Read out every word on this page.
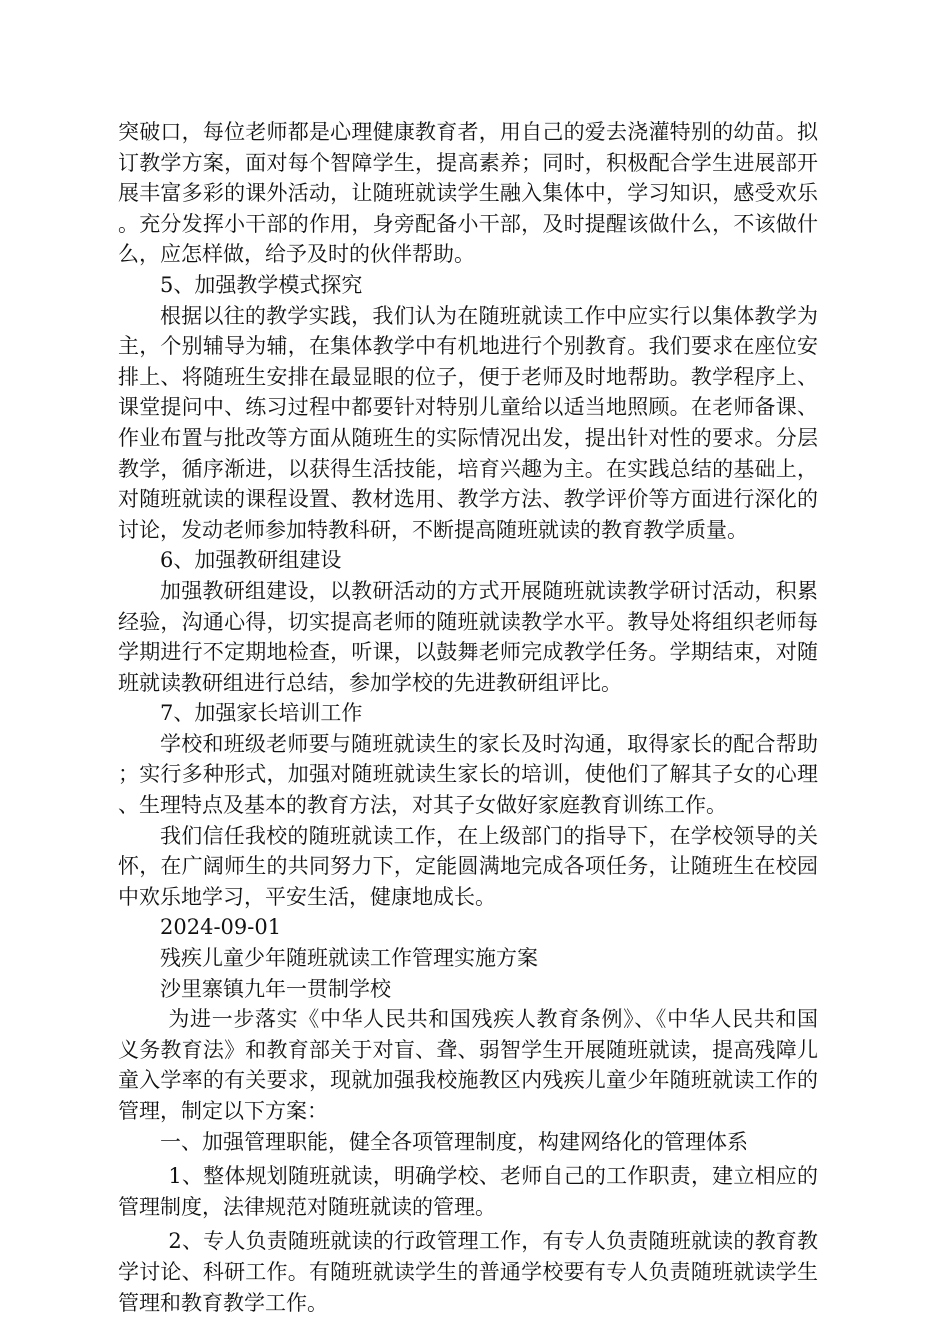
突破口，每位老师都是心理健康教育者，用自己的爱去浇灌特别的幼苗。拟订教学方案，面对每个智障学生，提高素养；同时，积极配合学生进展部开展丰富多彩的课外活动，让随班就读学生融入集体中，学习知识，感受欢乐。充分发挥小干部的作用，身旁配备小干部，及时提醒该做什么，不该做什么，应怎样做，给予及时的伙伴帮助。

5、加强教学模式探究

根据以往的教学实践，我们认为在随班就读工作中应实行以集体教学为主，个别辅导为辅，在集体教学中有机地进行个别教育。我们要求在座位安排上、将随班生安排在最显眼的位子，便于老师及时地帮助。教学程序上、课堂提问中、练习过程中都要针对特别儿童给以适当地照顾。在老师备课、作业布置与批改等方面从随班生的实际情况出发，提出针对性的要求。分层教学，循序渐进，以获得生活技能，培育兴趣为主。在实践总结的基础上，对随班就读的课程设置、教材选用、教学方法、教学评价等方面进行深化的讨论，发动老师参加特教科研，不断提高随班就读的教育教学质量。

6、加强教研组建设

加强教研组建设，以教研活动的方式开展随班就读教学研讨活动，积累经验，沟通心得，切实提高老师的随班就读教学水平。教导处将组织老师每学期进行不定期地检查，听课，以鼓舞老师完成教学任务。学期结束，对随班就读教研组进行总结，参加学校的先进教研组评比。

7、加强家长培训工作

学校和班级老师要与随班就读生的家长及时沟通，取得家长的配合帮助；实行多种形式，加强对随班就读生家长的培训，使他们了解其子女的心理、生理特点及基本的教育方法，对其子女做好家庭教育训练工作。

我们信任我校的随班就读工作，在上级部门的指导下，在学校领导的关怀，在广阔师生的共同努力下，定能圆满地完成各项任务，让随班生在校园中欢乐地学习，平安生活，健康地成长。

2024-09-01

残疾儿童少年随班就读工作管理实施方案

沙里寨镇九年一贯制学校

为进一步落实《中华人民共和国残疾人教育条例》、《中华人民共和国义务教育法》和教育部关于对盲、聋、弱智学生开展随班就读，提高残障儿童入学率的有关要求，现就加强我校施教区内残疾儿童少年随班就读工作的管理，制定以下方案：

一、加强管理职能，健全各项管理制度，构建网络化的管理体系

1、整体规划随班就读，明确学校、老师自己的工作职责，建立相应的管理制度，法律规范对随班就读的管理。

2、专人负责随班就读的行政管理工作，有专人负责随班就读的教育教学讨论、科研工作。有随班就读学生的普通学校要有专人负责随班就读学生管理和教育教学工作。
